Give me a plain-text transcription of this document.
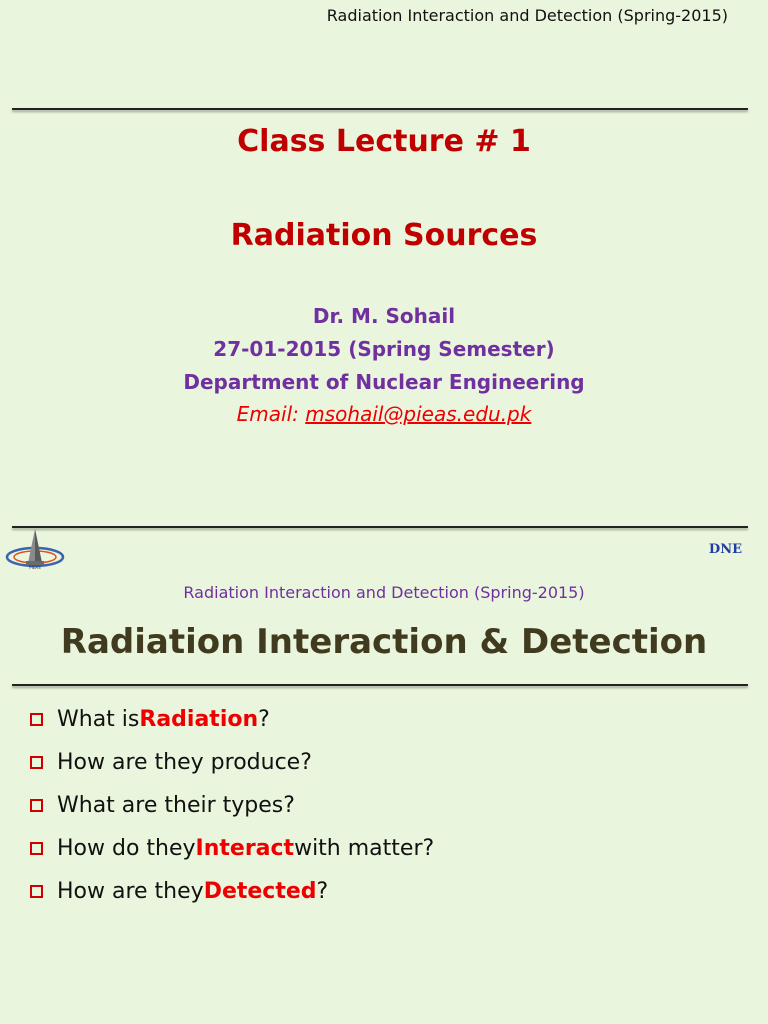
Radiation Interaction and Detection (Spring-2015)
Class Lecture # 1
Radiation Sources
Dr. M. Sohail
27-01-2015 (Spring Semester)
Department of Nuclear Engineering
Email: msohail@pieas.edu.pk
PIEAS
DNE
Radiation Interaction and Detection (Spring-2015)
Radiation Interaction & Detection
What is Radiation ?
How are they produce?
What are their types?
How do they Interact with matter?
How are they Detected ?
